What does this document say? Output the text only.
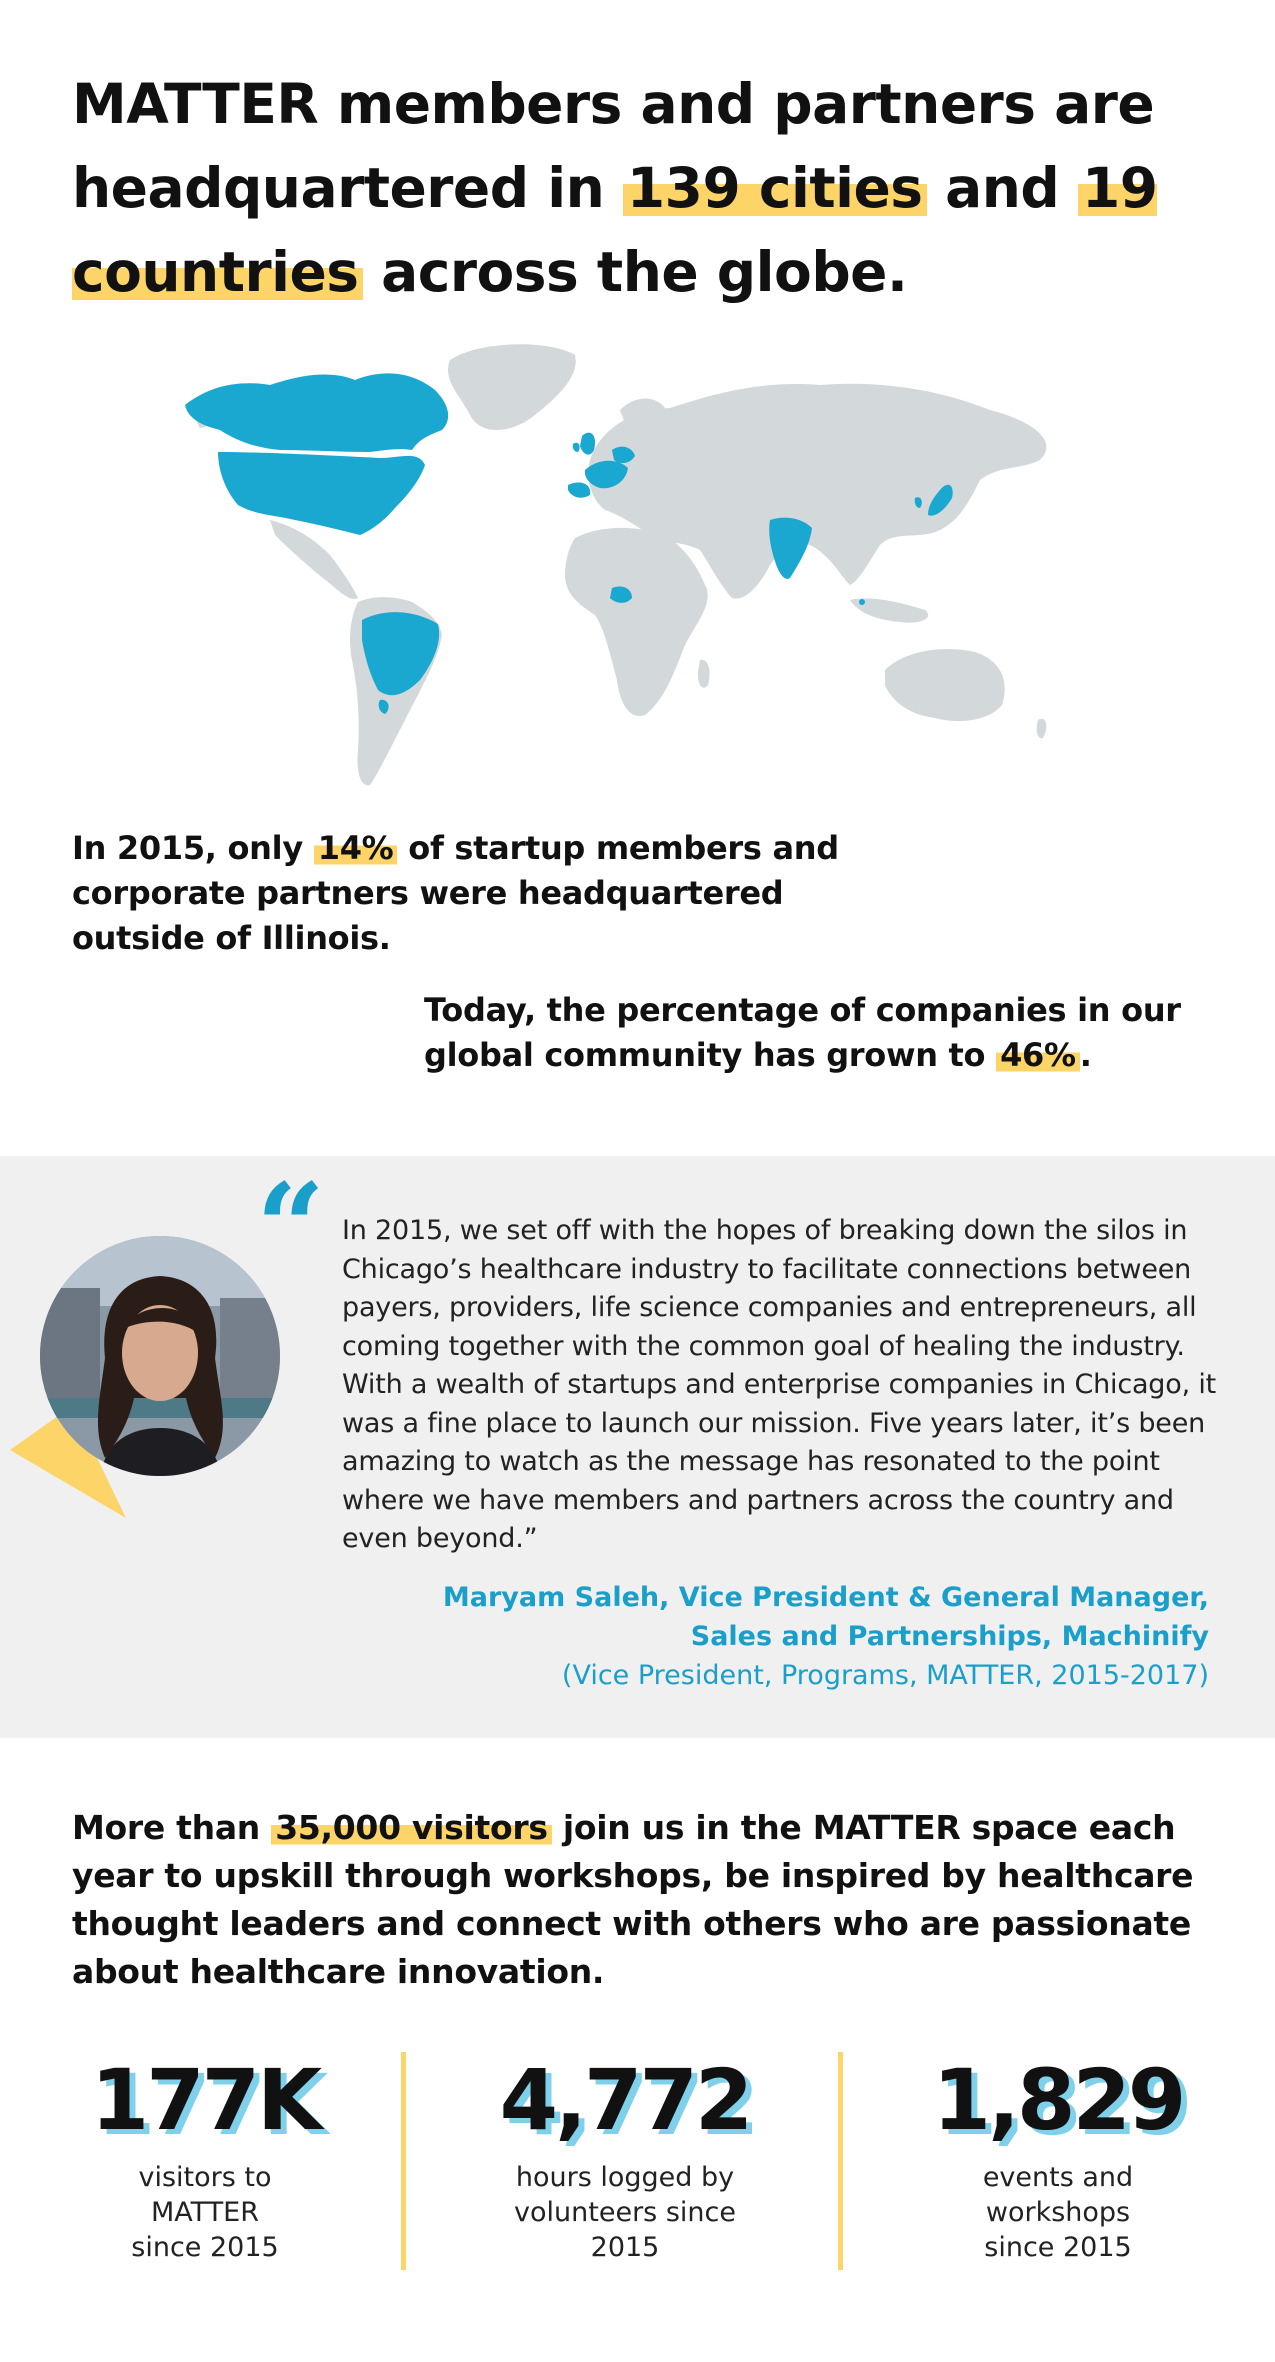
MATTER members and partners are headquartered in 139 cities and 19 countries across the globe.

In 2015, only 14% of startup members and corporate partners were headquartered outside of Illinois.

Today, the percentage of companies in our global community has grown to 46% .

“ In 2015, we set off with the hopes of breaking down the silos in Chicago’s healthcare industry to facilitate connections between payers, providers, life science companies and entrepreneurs, all coming together with the common goal of healing the industry. With a wealth of startups and enterprise companies in Chicago, it was a fine place to launch our mission. Five years later, it’s been amazing to watch as the message has resonated to the point where we have members and partners across the country and even beyond.”

Maryam Saleh, Vice President & General Manager,
Sales and Partnerships, Machinify
(Vice President, Programs, MATTER, 2015-2017)

More than 35,000 visitors join us in the MATTER space each year to upskill through workshops, be inspired by healthcare thought leaders and connect with others who are passionate about healthcare innovation.

177K
visitors to MATTER since 2015
4,772
hours logged by volunteers since 2015
1,829
events and workshops since 2015
